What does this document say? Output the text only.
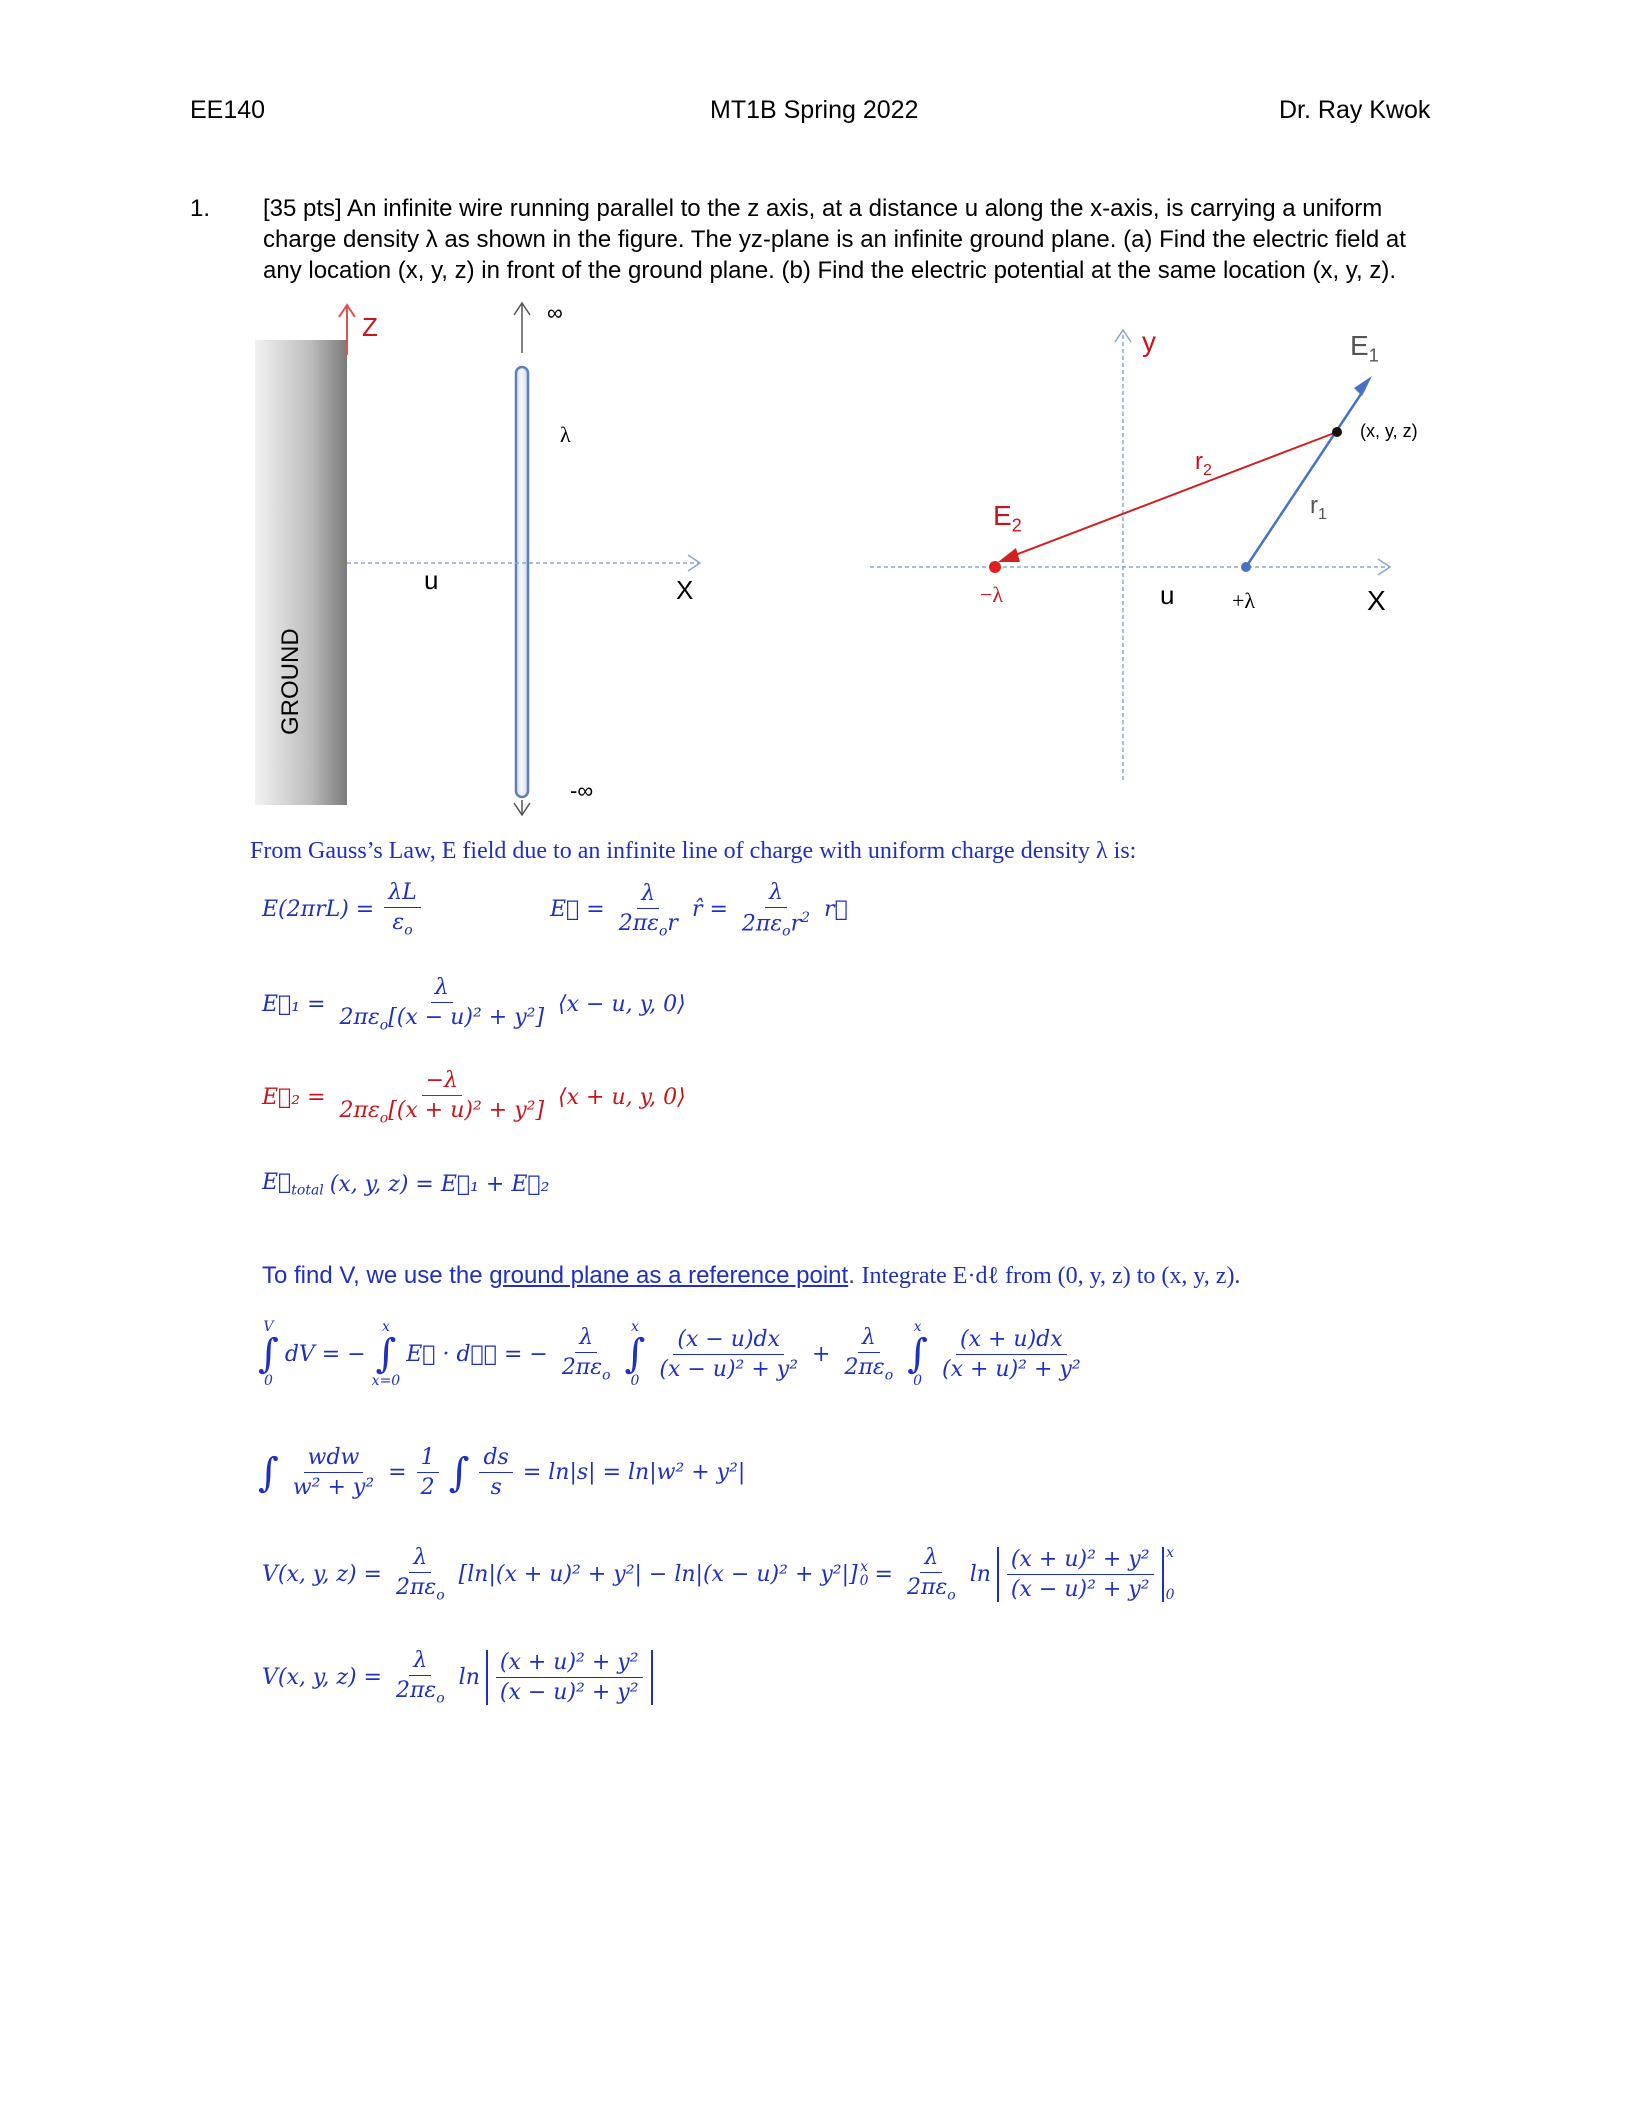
EE140	MT1B Spring 2022	Dr. Ray Kwok
1. [35 pts] An infinite wire running parallel to the z axis, at a distance u along the x-axis, is carrying a uniform
charge density λ as shown in the figure. The yz-plane is an infinite ground plane. (a) Find the electric field at
any location (x, y, z) in front of the ground plane. (b) Find the electric potential at the same location (x, y, z).
Z	∞
λ
u	X
GROUND
-∞
y	$E_1$
(x, y, z)
$r_2$
$r_1$
$E_2$
−λ	u	+λ	X
From Gauss’s Law, E field due to an infinite line of charge with uniform charge density λ is:
$E(2\pi rL) = \frac{\lambda L}{\varepsilon_o}$	E⃗ = $\frac{\lambda}{2\pi\varepsilon_or}$ r̂ = $\frac{\lambda}{2\pi\varepsilon_or^2}$ r⃗
E⃗₁ = $\frac{\lambda}{2\pi\varepsilon_o[(x - u)^2 + y^2]}$ ⟨x − u, y, 0⟩
E⃗₂ = $\frac{-\lambda}{2\pi\varepsilon_o[(x + u)^2 + y^2]}$ ⟨x + u, y, 0⟩
$E⃗_{total}$ (x, y, z) = E⃗₁ + E⃗₂
To find V, we use the ground plane as a reference point. Integrate E·dℓ from (0, y, z) to (x, y, z).
V
∫
0
dV = −
x
∫
x=0
E⃗ · dℓ⃗ = − $\frac{\lambda}{2\pi\varepsilon_o}$ x
∫
$0 \frac{(x - u)dx}{\text{(x − u)² + y²}} + \frac{\lambda}{2\pi\varepsilon_o}$ x
∫
$0 \frac{(x + u)dx}{\text{(x + u)² + y²}}$
∫ $\frac{\text{wdw}}{\text{w² + y²}} = \frac{1}{2}$ ∫ $\frac{ds}{s} = \ln|s| = \ln|w^2 + y^2|$
V(x, y, $z) = \frac{\lambda}{2\pi\varepsilon_o} [\ln|(x + u)^2 + y^2| - \ln|(x - u)^2 + y^2|]$ x
$0 = \frac{\lambda}{2\pi\varepsilon_o}$ $\ln \frac{\text{(x + u)² + y²}}{\text{(x − u)² + y²}}$ x
0
V(x, y, $z) = \frac{\lambda}{2\pi\varepsilon_o}$ $\ln \frac{\text{(x + u)² + y²}}{\text{(x − u)² + y²}}$
